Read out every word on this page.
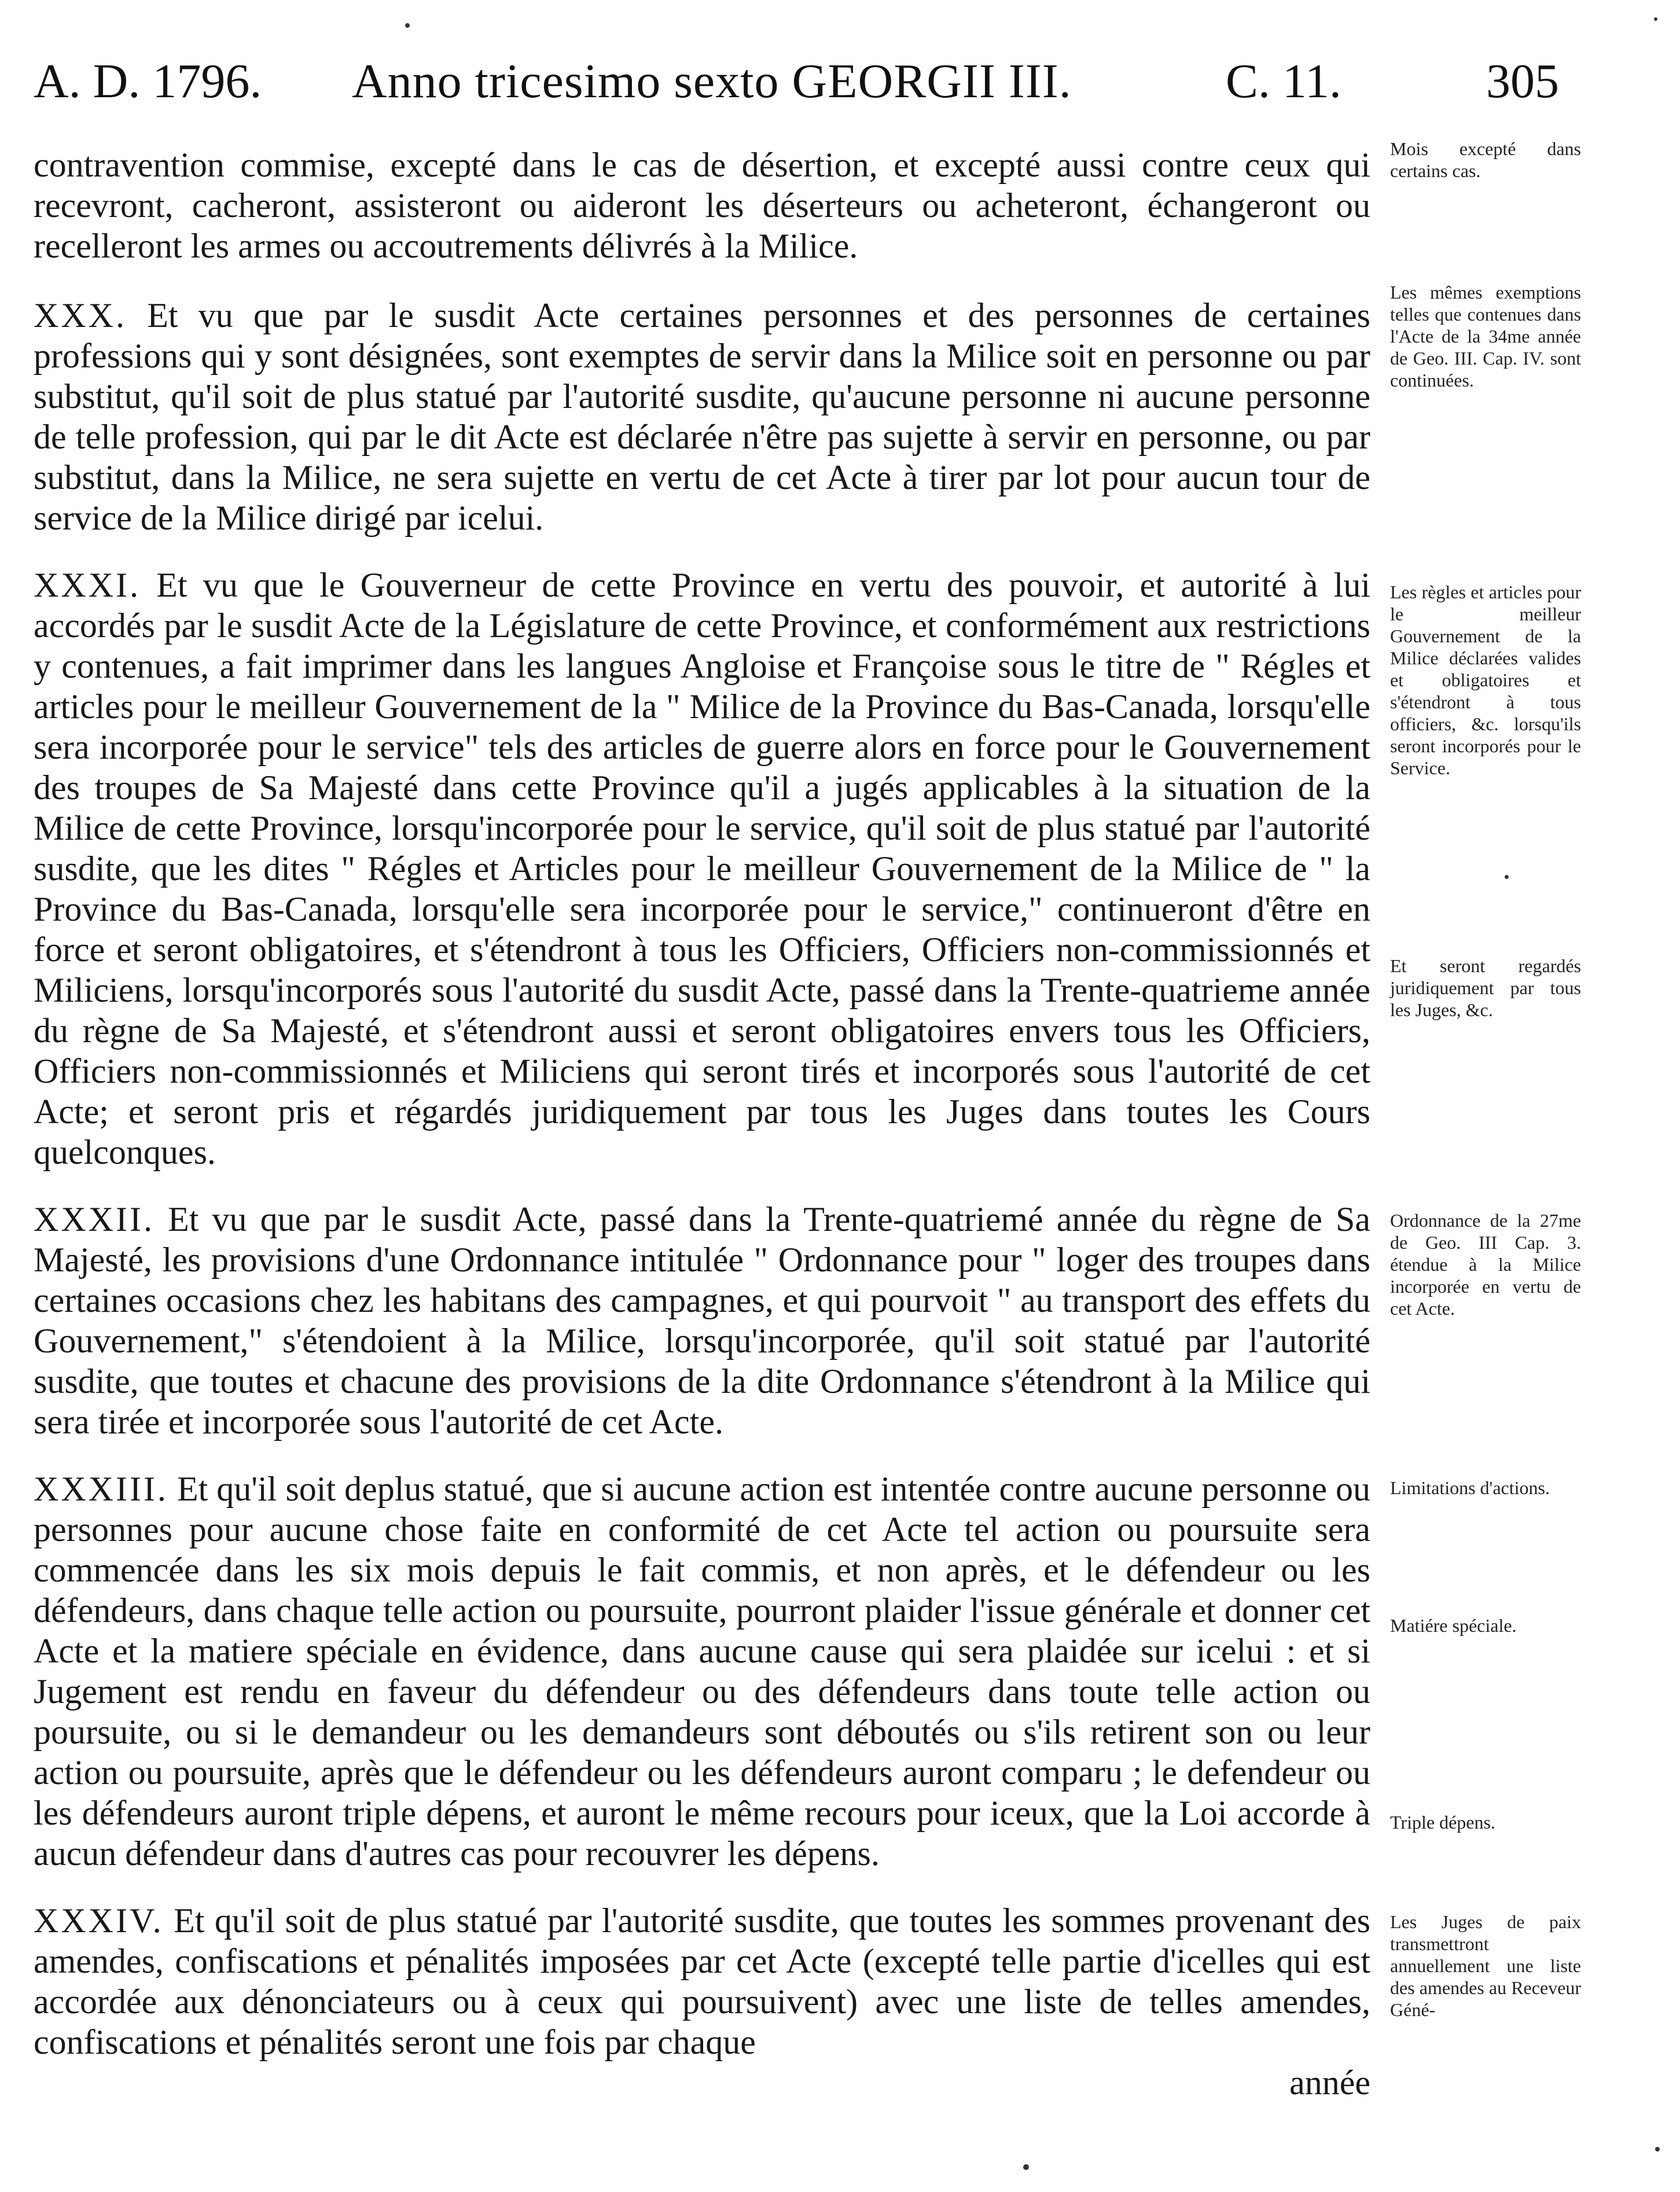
A. D. 1796. Anno tricesimo sexto GEORGII III.	C. 11.	305

contravention commise, excepté dans le cas de désertion, et excepté aussi contre ceux qui recevront, cacheront, assisteront ou aideront les déserteurs ou acheteront, échangeront ou recelleront les armes ou accoutrements délivrés à la Milice.

XXX. Et vu que par le susdit Acte certaines personnes et des personnes de certaines professions qui y sont désignées, sont exemptes de servir dans la Milice soit en personne ou par substitut, qu'il soit de plus statué par l'autorité susdite, qu'aucune personne ni aucune personne de telle profession, qui par le dit Acte est déclarée n'être pas sujette à servir en personne, ou par substitut, dans la Milice, ne sera sujette en vertu de cet Acte à tirer par lot pour aucun tour de service de la Milice dirigé par icelui.

XXXI. Et vu que le Gouverneur de cette Province en vertu des pouvoir, et autorité à lui accordés par le susdit Acte de la Législature de cette Province, et conformément aux restrictions y contenues, a fait imprimer dans les langues Angloise et Françoise sous le titre de " Régles et articles pour le meilleur Gouvernement de la " Milice de la Province du Bas-Canada, lorsqu'elle sera incorporée pour le service" tels des articles de guerre alors en force pour le Gouvernement des troupes de Sa Majesté dans cette Province qu'il a jugés applicables à la situation de la Milice de cette Province, lorsqu'incorporée pour le service, qu'il soit de plus statué par l'autorité susdite, que les dites " Régles et Articles pour le meilleur Gouvernement de la Milice de " la Province du Bas-Canada, lorsqu'elle sera incorporée pour le service," continueront d'être en force et seront obligatoires, et s'étendront à tous les Officiers, Officiers non-commissionnés et Miliciens, lorsqu'incorporés sous l'autorité du susdit Acte, passé dans la Trente-quatrieme année du règne de Sa Majesté, et s'étendront aussi et seront obligatoires envers tous les Officiers, Officiers non-commissionnés et Miliciens qui seront tirés et incorporés sous l'autorité de cet Acte; et seront pris et régardés juridiquement par tous les Juges dans toutes les Cours quelconques.

XXXII. Et vu que par le susdit Acte, passé dans la Trente-quatriemé année du règne de Sa Majesté, les provisions d'une Ordonnance intitulée " Ordonnance pour " loger des troupes dans certaines occasions chez les habitans des campagnes, et qui pourvoit " au transport des effets du Gouvernement," s'étendoient à la Milice, lorsqu'incorporée, qu'il soit statué par l'autorité susdite, que toutes et chacune des provisions de la dite Ordonnance s'étendront à la Milice qui sera tirée et incorporée sous l'autorité de cet Acte.

XXXIII. Et qu'il soit deplus statué, que si aucune action est intentée contre aucune personne ou personnes pour aucune chose faite en conformité de cet Acte tel action ou poursuite sera commencée dans les six mois depuis le fait commis, et non après, et le défendeur ou les défendeurs, dans chaque telle action ou poursuite, pourront plaider l'issue générale et donner cet Acte et la matiere spéciale en évidence, dans aucune cause qui sera plaidée sur icelui : et si Jugement est rendu en faveur du défendeur ou des défendeurs dans toute telle action ou poursuite, ou si le demandeur ou les demandeurs sont déboutés ou s'ils retirent son ou leur action ou poursuite, après que le défendeur ou les défendeurs auront comparu ; le defendeur ou les défendeurs auront triple dépens, et auront le même recours pour iceux, que la Loi accorde à aucun défendeur dans d'autres cas pour recouvrer les dépens.

XXXIV. Et qu'il soit de plus statué par l'autorité susdite, que toutes les sommes provenant des amendes, confiscations et pénalités imposées par cet Acte (excepté telle partie d'icelles qui est accordée aux dénonciateurs ou à ceux qui poursuivent) avec une liste de telles amendes, confiscations et pénalités seront une fois par chaque

année

Mois excepté dans certains cas.
Les mêmes exemptions telles que contenues dans l'Acte de la 34me année de Geo. III. Cap. IV. sont continuées.
Les règles et articles pour le meilleur Gouvernement de la Milice déclarées valides et obligatoires et s'étendront à tous officiers, &c. lorsqu'ils seront incorporés pour le Service.
Et seront regardés juridiquement par tous les Juges, &c.
Ordonnance de la 27me de Geo. III Cap. 3. étendue à la Milice incorporée en vertu de cet Acte.
Limitations d'actions.
Matiére spéciale.
Triple dépens.
Les Juges de paix transmettront annuellement une liste des amendes au Receveur Géné-
